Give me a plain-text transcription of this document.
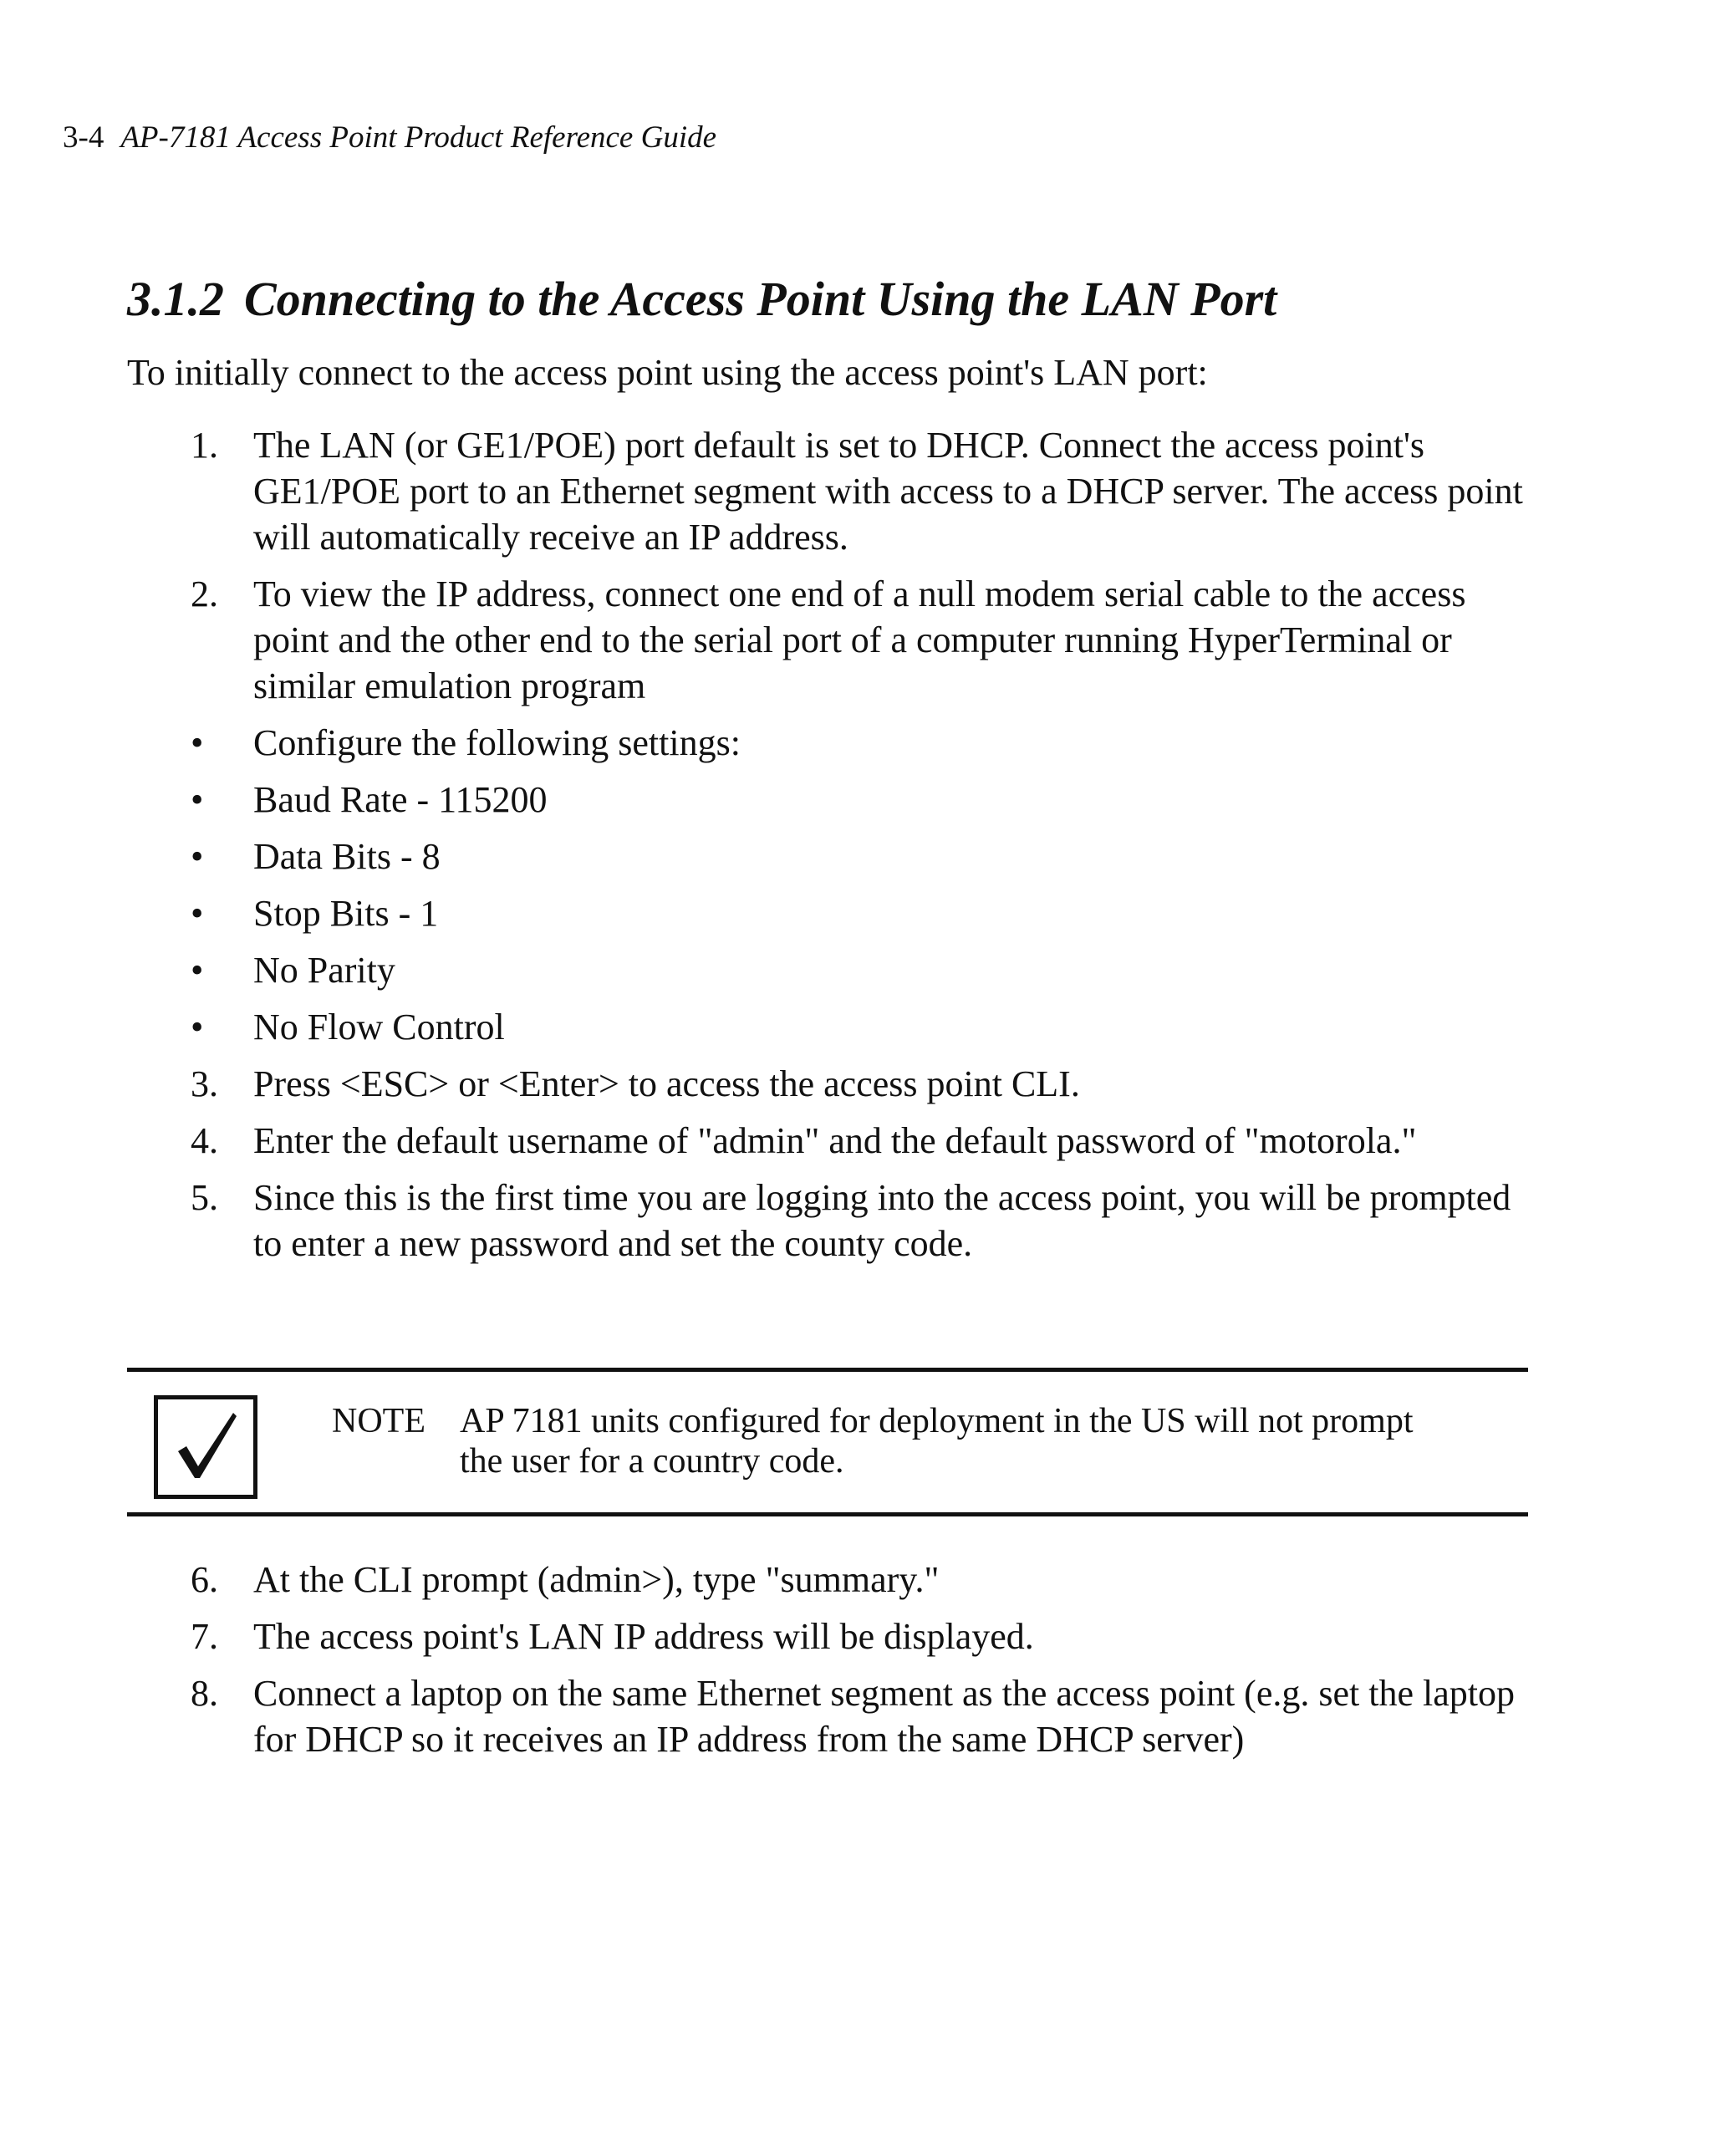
3-4 AP-7181 Access Point Product Reference Guide
3.1.2 Connecting to the Access Point Using the LAN Port

To initially connect to the access point using the access point's LAN port:

1. The LAN (or GE1/POE) port default is set to DHCP. Connect the access point's GE1/POE port to an Ethernet segment with access to a DHCP server. The access point will automatically receive an IP address.
2. To view the IP address, connect one end of a null modem serial cable to the access point and the other end to the serial port of a computer running HyperTerminal or similar emulation program
•	Configure the following settings:
•	Baud Rate - 115200
•	Data Bits - 8
•	Stop Bits - 1
•	No Parity
•	No Flow Control
3. Press <ESC> or <Enter> to access the access point CLI.
4. Enter the default username of "admin" and the default password of "motorola."
5. Since this is the first time you are logging into the access point, you will be prompted to enter a new password and set the county code.
NOTE AP 7181 units configured for deployment in the US will not prompt the user for a country code.
6. At the CLI prompt (admin>), type "summary."
7. The access point's LAN IP address will be displayed.
8. Connect a laptop on the same Ethernet segment as the access point (e.g. set the laptop for DHCP so it receives an IP address from the same DHCP server)
